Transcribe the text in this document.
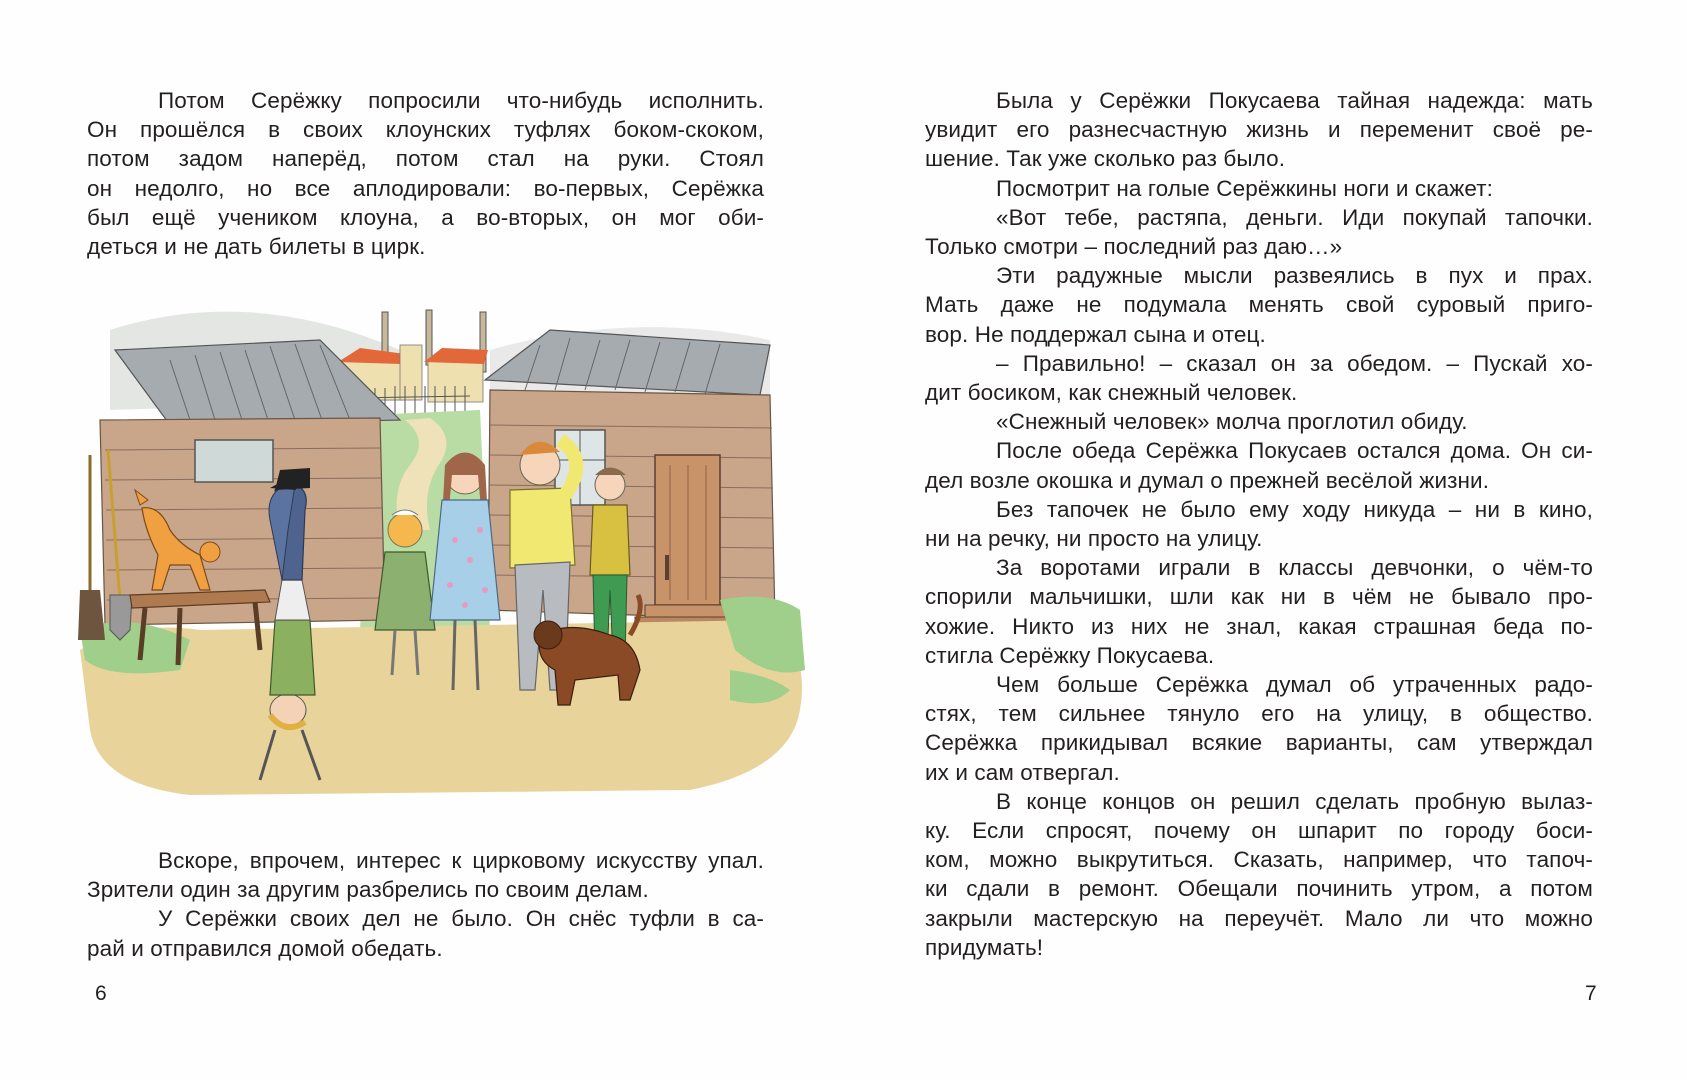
Потом Серёжку попросили что-нибудь исполнить.
Он прошёлся в своих клоунских туфлях боком-скоком,
потом задом наперёд, потом стал на руки. Стоял
он недолго, но все аплодировали: во-первых, Серёжка
был ещё учеником клоуна, а во-вторых, он мог оби-
деться и не дать билеты в цирк.

Вскоре, впрочем, интерес к цирковому искусству упал.
Зрители один за другим разбрелись по своим делам.

У Серёжки своих дел не было. Он снёс туфли в са-
рай и отправился домой обедать.

6

Была у Серёжки Покусаева тайная надежда: мать
увидит его разнесчастную жизнь и переменит своё ре-
шение. Так уже сколько раз было.

Посмотрит на голые Серёжкины ноги и скажет:

«Вот тебе, растяпа, деньги. Иди покупай тапочки.
Только смотри – последний раз даю…»

Эти радужные мысли развеялись в пух и прах.
Мать даже не подумала менять свой суровый приго-
вор. Не поддержал сына и отец.

– Правильно! – сказал он за обедом. – Пускай хо-
дит босиком, как снежный человек.

«Снежный человек» молча проглотил обиду.

После обеда Серёжка Покусаев остался дома. Он си-
дел возле окошка и думал о прежней весёлой жизни.

Без тапочек не было ему ходу никуда – ни в кино,
ни на речку, ни просто на улицу.

За воротами играли в классы девчонки, о чём-то
спорили мальчишки, шли как ни в чём не бывало про-
хожие. Никто из них не знал, какая страшная беда по-
стигла Серёжку Покусаева.

Чем больше Серёжка думал об утраченных радо-
стях, тем сильнее тянуло его на улицу, в общество.
Серёжка прикидывал всякие варианты, сам утверждал
их и сам отвергал.

В конце концов он решил сделать пробную вылаз-
ку. Если спросят, почему он шпарит по городу боси-
ком, можно выкрутиться. Сказать, например, что тапоч-
ки сдали в ремонт. Обещали починить утром, а потом
закрыли мастерскую на переучёт. Мало ли что можно
придумать!

7
